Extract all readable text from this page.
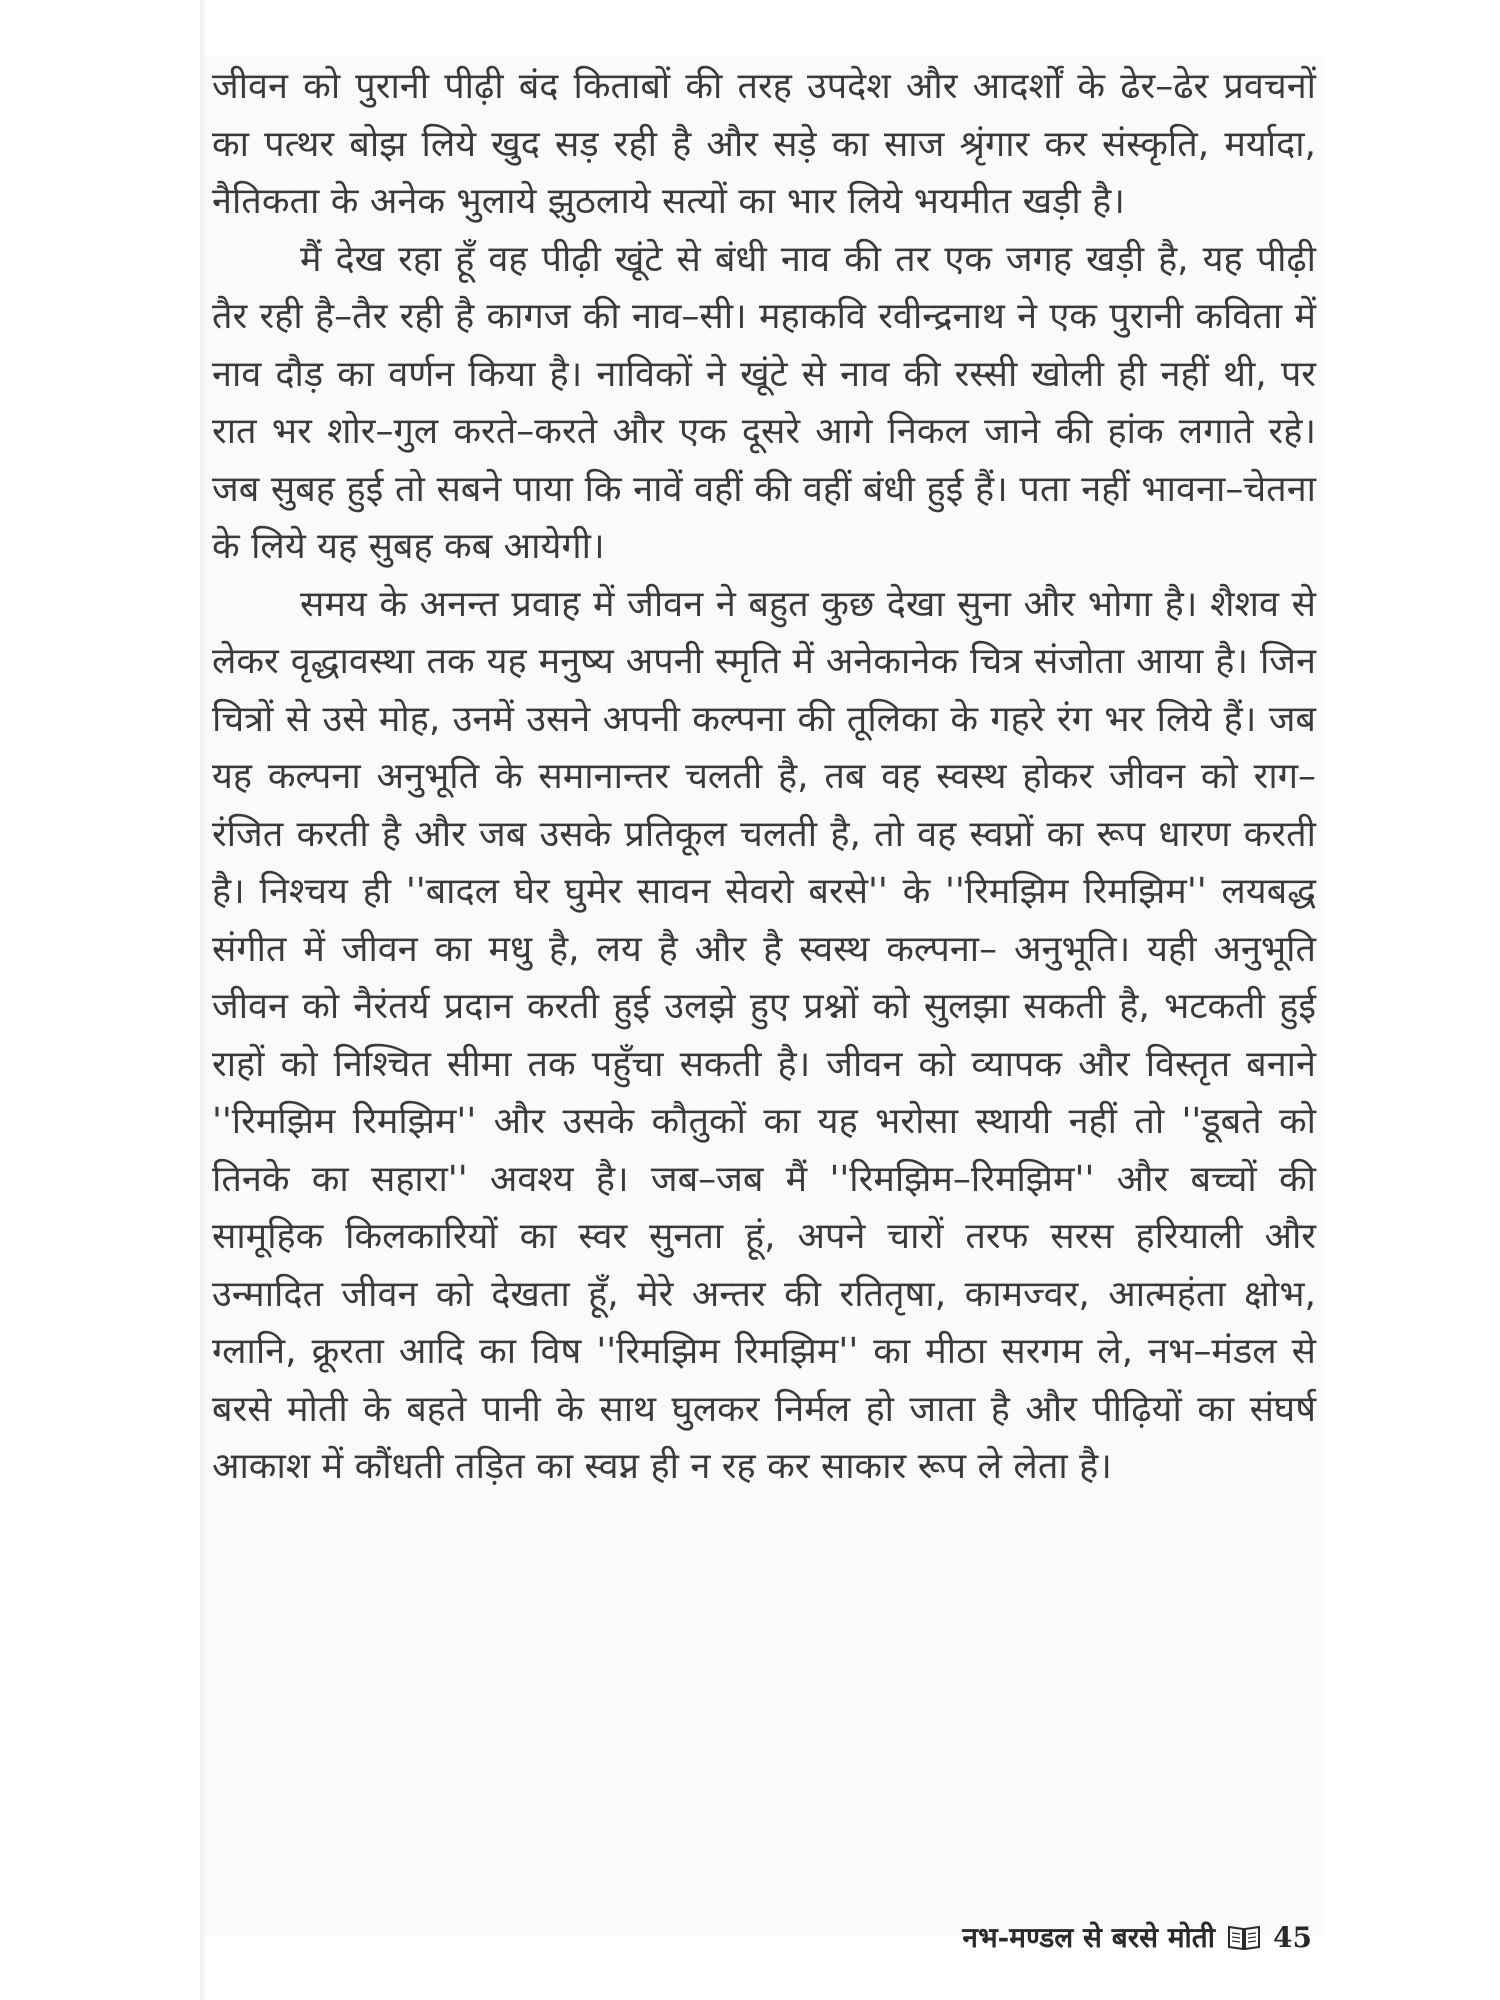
जीवन को पुरानी पीढ़ी बंद किताबों की तरह उपदेश और आदर्शों के ढेर–ढेर प्रवचनों का पत्थर बोझ लिये खुद सड़ रही है और सड़े का साज श्रृंगार कर संस्कृति, मर्यादा, नैतिकता के अनेक भुलाये झुठलाये सत्यों का भार लिये भयमीत खड़ी है।

मैं देख रहा हूँ वह पीढ़ी खूंटे से बंधी नाव की तर एक जगह खड़ी है, यह पीढ़ी तैर रही है–तैर रही है कागज की नाव–सी। महाकवि रवीन्द्रनाथ ने एक पुरानी कविता में नाव दौड़ का वर्णन किया है। नाविकों ने खूंटे से नाव की रस्सी खोली ही नहीं थी, पर रात भर शोर–गुल करते–करते और एक दूसरे आगे निकल जाने की हांक लगाते रहे। जब सुबह हुई तो सबने पाया कि नावें वहीं की वहीं बंधी हुई हैं। पता नहीं भावना–चेतना के लिये यह सुबह कब आयेगी।

समय के अनन्त प्रवाह में जीवन ने बहुत कुछ देखा सुना और भोगा है। शैशव से लेकर वृद्धावस्था तक यह मनुष्य अपनी स्मृति में अनेकानेक चित्र संजोता आया है। जिन चित्रों से उसे मोह, उनमें उसने अपनी कल्पना की तूलिका के गहरे रंग भर लिये हैं। जब यह कल्पना अनुभूति के समानान्तर चलती है, तब वह स्वस्थ होकर जीवन को राग–रंजित करती है और जब उसके प्रतिकूल चलती है, तो वह स्वप्नों का रूप धारण करती है। निश्चय ही ''बादल घेर घुमेर सावन सेवरो बरसे'' के ''रिमझिम रिमझिम'' लयबद्ध संगीत में जीवन का मधु है, लय है और है स्वस्थ कल्पना– अनुभूति। यही अनुभूति जीवन को नैरंतर्य प्रदान करती हुई उलझे हुए प्रश्नों को सुलझा सकती है, भटकती हुई राहों को निश्चित सीमा तक पहुँचा सकती है। जीवन को व्यापक और विस्तृत बनाने ''रिमझिम रिमझिम'' और उसके कौतुकों का यह भरोसा स्थायी नहीं तो ''डूबते को तिनके का सहारा'' अवश्य है। जब–जब मैं ''रिमझिम–रिमझिम'' और बच्चों की सामूहिक किलकारियों का स्वर सुनता हूं, अपने चारों तरफ सरस हरियाली और उन्मादित जीवन को देखता हूँ, मेरे अन्तर की रतितृषा, कामज्वर, आत्महंता क्षोभ, ग्लानि, क्रूरता आदि का विष ''रिमझिम रिमझिम'' का मीठा सरगम ले, नभ–मंडल से बरसे मोती के बहते पानी के साथ घुलकर निर्मल हो जाता है और पीढ़ियों का संघर्ष आकाश में कौंधती तड़ित का स्वप्न ही न रह कर साकार रूप ले लेता है।

नभ-मण्डल से बरसे मोती 45
